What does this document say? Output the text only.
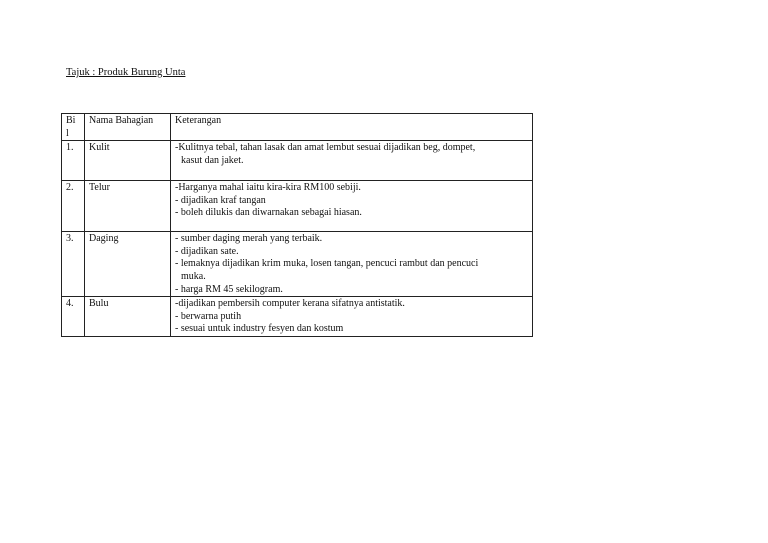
Tajuk : Produk Burung Unta
Bil	Nama Bahagian	Keterangan
1.	Kulit	-Kulitnya tebal, tahan lasak dan amat lembut sesuai dijadikan beg, dompet,
kasut dan jaket.

2.	Telur	-Harganya mahal iaitu kira-kira RM100 sebiji.
- dijadikan kraf tangan
- boleh dilukis dan diwarnakan sebagai hiasan.

3.	Daging	- sumber daging merah yang terbaik.
- dijadikan sate.
- lemaknya dijadikan krim muka, losen tangan, pencuci rambut dan pencuci
muka.
- harga RM 45 sekilogram.

4.	Bulu	-dijadikan pembersih computer kerana sifatnya antistatik.
- berwarna putih
- sesuai untuk industry fesyen dan kostum
